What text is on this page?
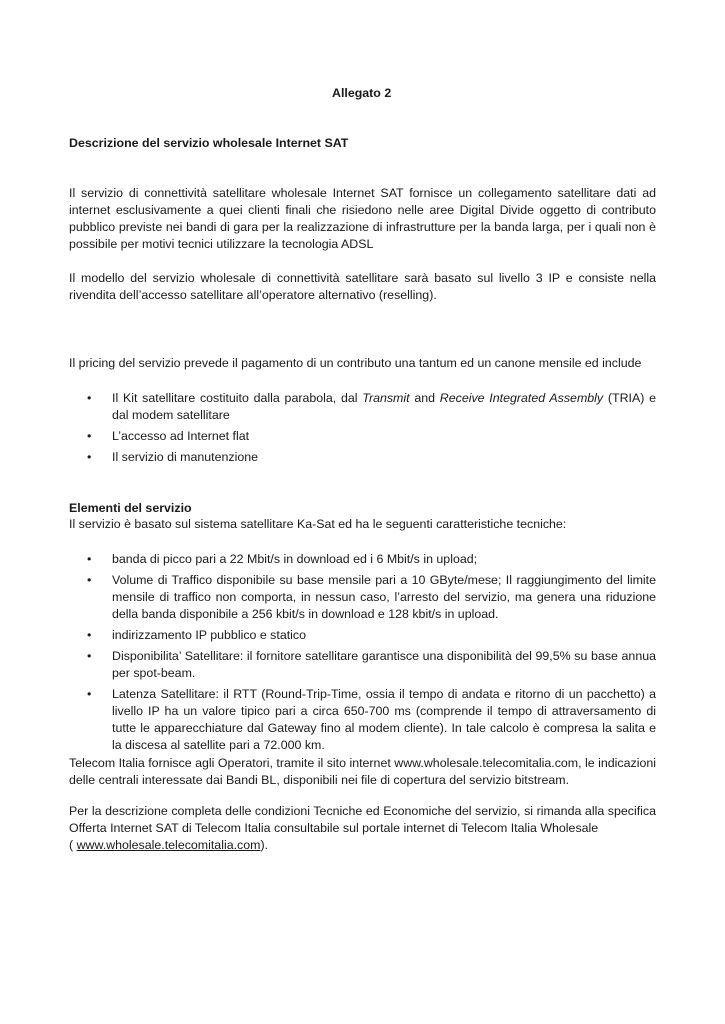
Allegato 2

Descrizione del servizio wholesale Internet SAT

Il servizio di connettività satellitare wholesale Internet SAT fornisce un collegamento satellitare dati ad internet esclusivamente a quei clienti finali che risiedono nelle aree Digital Divide oggetto di contributo pubblico previste nei bandi di gara per la realizzazione di infrastrutture per la banda larga, per i quali non è possibile per motivi tecnici utilizzare la tecnologia ADSL

Il modello del servizio wholesale di connettività satellitare sarà basato sul livello 3 IP e consiste nella rivendita dell’accesso satellitare all’operatore alternativo (reselling).

Il pricing del servizio prevede il pagamento di un contributo una tantum ed un canone mensile ed include

• Il Kit satellitare costituito dalla parabola, dal Transmit and Receive Integrated Assembly (TRIA) e dal modem satellitare
• L’accesso ad Internet flat
• Il servizio di manutenzione

Elementi del servizio

Il servizio è basato sul sistema satellitare Ka-Sat ed ha le seguenti caratteristiche tecniche:

• banda di picco pari a 22 Mbit/s in download ed i 6 Mbit/s in upload;
• Volume di Traffico disponibile su base mensile pari a 10 GByte/mese; Il raggiungimento del limite mensile di traffico non comporta, in nessun caso, l’arresto del servizio, ma genera una riduzione della banda disponibile a 256 kbit/s in download e 128 kbit/s in upload.
• indirizzamento IP pubblico e statico
• Disponibilita’ Satellitare: il fornitore satellitare garantisce una disponibilità del 99,5% su base annua per spot-beam.
• Latenza Satellitare: il RTT (Round-Trip-Time, ossia il tempo di andata e ritorno di un pacchetto) a livello IP ha un valore tipico pari a circa 650-700 ms (comprende il tempo di attraversamento di tutte le apparecchiature dal Gateway fino al modem cliente). In tale calcolo è compresa la salita e la discesa al satellite pari a 72.000 km.

Telecom Italia fornisce agli Operatori, tramite il sito internet www.wholesale.telecomitalia.com, le indicazioni delle centrali interessate dai Bandi BL, disponibili nei file di copertura del servizio bitstream.

Per la descrizione completa delle condizioni Tecniche ed Economiche del servizio, si rimanda alla specifica Offerta Internet SAT di Telecom Italia consultabile sul portale internet di Telecom Italia Wholesale
( www.wholesale.telecomitalia.com).
